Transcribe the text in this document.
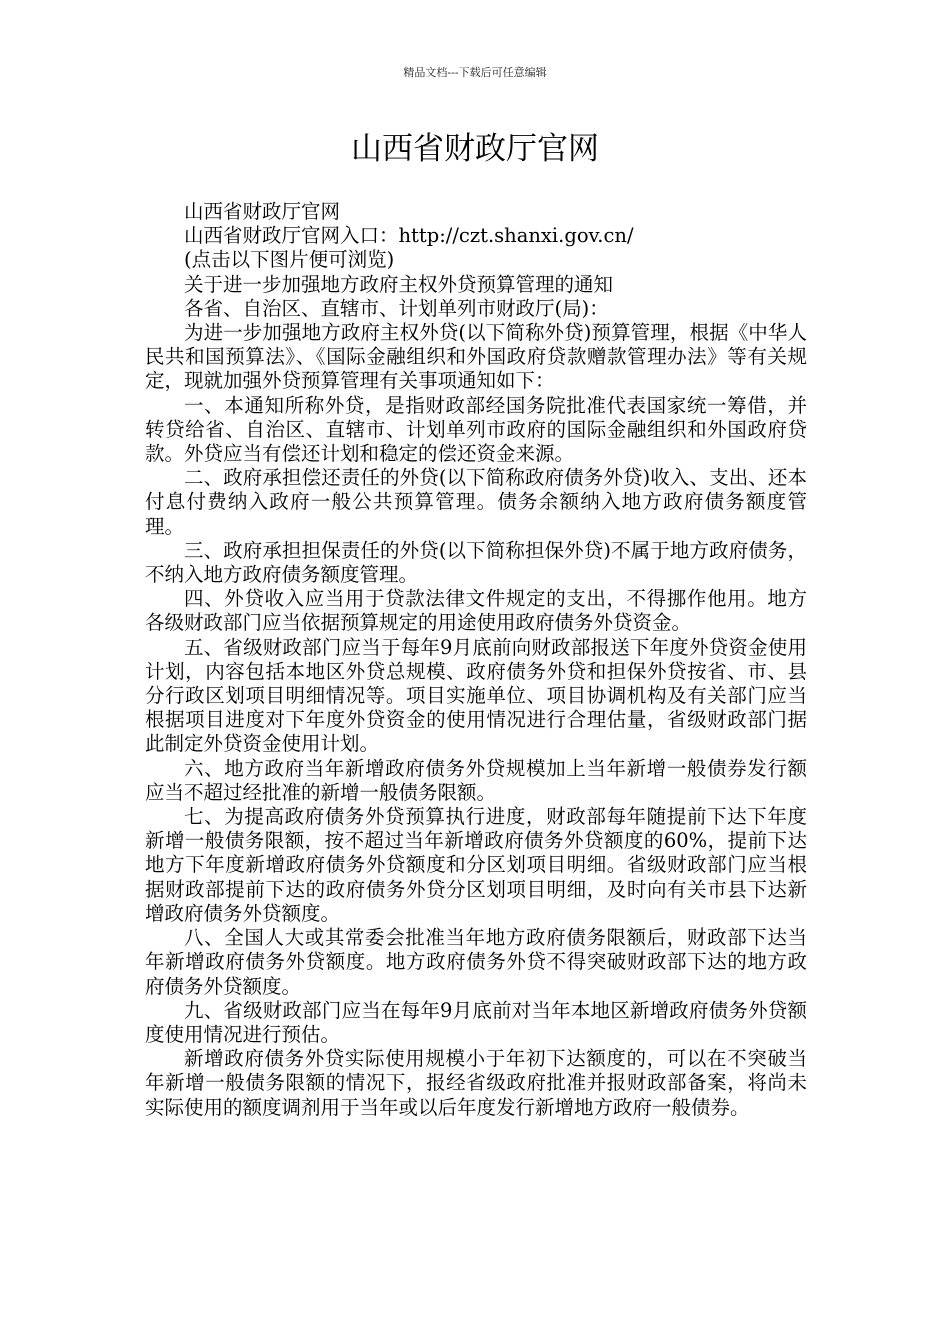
精品文档---下载后可任意编辑
山西省财政厅官网

山西省财政厅官网

山西省财政厅官网入口：http://czt.shanxi.gov.cn/

(点击以下图片便可浏览)

关于进一步加强地方政府主权外贷预算管理的通知

各省、自治区、直辖市、计划单列市财政厅(局)：

为进一步加强地方政府主权外贷(以下简称外贷)预算管理，根据《中华人民共和国预算法》、《国际金融组织和外国政府贷款赠款管理办法》等有关规定，现就加强外贷预算管理有关事项通知如下：

一、本通知所称外贷，是指财政部经国务院批准代表国家统一筹借，并转贷给省、自治区、直辖市、计划单列市政府的国际金融组织和外国政府贷款。外贷应当有偿还计划和稳定的偿还资金来源。

二、政府承担偿还责任的外贷(以下简称政府债务外贷)收入、支出、还本付息付费纳入政府一般公共预算管理。债务余额纳入地方政府债务额度管理。

三、政府承担担保责任的外贷(以下简称担保外贷)不属于地方政府债务，不纳入地方政府债务额度管理。

四、外贷收入应当用于贷款法律文件规定的支出，不得挪作他用。地方各级财政部门应当依据预算规定的用途使用政府债务外贷资金。

五、省级财政部门应当于每年9月底前向财政部报送下年度外贷资金使用计划，内容包括本地区外贷总规模、政府债务外贷和担保外贷按省、市、县分行政区划项目明细情况等。项目实施单位、项目协调机构及有关部门应当根据项目进度对下年度外贷资金的使用情况进行合理估量，省级财政部门据此制定外贷资金使用计划。

六、地方政府当年新增政府债务外贷规模加上当年新增一般债券发行额应当不超过经批准的新增一般债务限额。

七、为提高政府债务外贷预算执行进度，财政部每年随提前下达下年度新增一般债务限额，按不超过当年新增政府债务外贷额度的60%，提前下达地方下年度新增政府债务外贷额度和分区划项目明细。省级财政部门应当根据财政部提前下达的政府债务外贷分区划项目明细，及时向有关市县下达新增政府债务外贷额度。

八、全国人大或其常委会批准当年地方政府债务限额后，财政部下达当年新增政府债务外贷额度。地方政府债务外贷不得突破财政部下达的地方政府债务外贷额度。

九、省级财政部门应当在每年9月底前对当年本地区新增政府债务外贷额度使用情况进行预估。

新增政府债务外贷实际使用规模小于年初下达额度的，可以在不突破当年新增一般债务限额的情况下，报经省级政府批准并报财政部备案，将尚未实际使用的额度调剂用于当年或以后年度发行新增地方政府一般债券。
